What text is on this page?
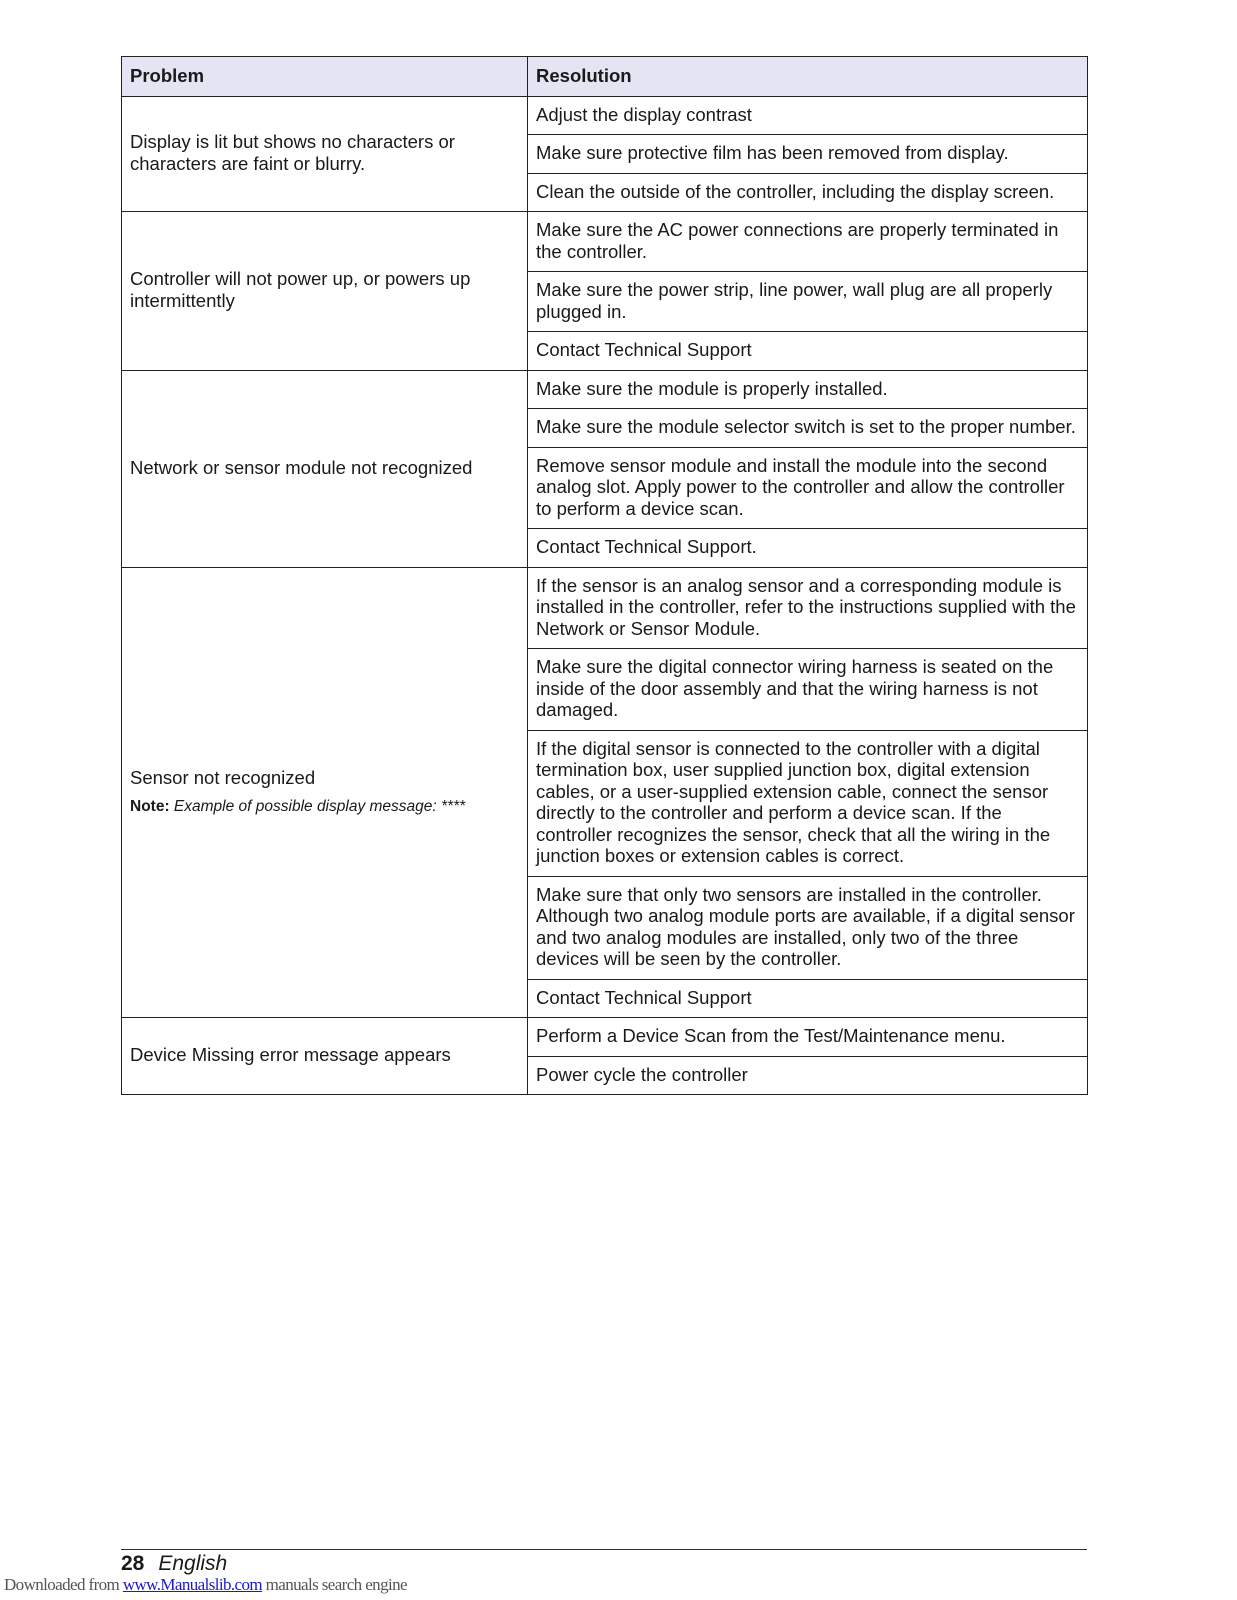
Problem	Resolution
Display is lit but shows no characters or characters are faint or blurry.	Adjust the display contrast
	Make sure protective film has been removed from display.
	Clean the outside of the controller, including the display screen.
Controller will not power up, or powers up intermittently	Make sure the AC power connections are properly terminated in the controller.
	Make sure the power strip, line power, wall plug are all properly plugged in.
	Contact Technical Support
Network or sensor module not recognized	Make sure the module is properly installed.
	Make sure the module selector switch is set to the proper number.
	Remove sensor module and install the module into the second analog slot. Apply power to the controller and allow the controller to perform a device scan.
	Contact Technical Support.

Sensor not recognized
Note: Example of possible display message: ****	If the sensor is an analog sensor and a corresponding module is installed in the controller, refer to the instructions supplied with the Network or Sensor Module.
	Make sure the digital connector wiring harness is seated on the inside of the door assembly and that the wiring harness is not damaged.
	If the digital sensor is connected to the controller with a digital termination box, user supplied junction box, digital extension cables, or a user-supplied extension cable, connect the sensor directly to the controller and perform a device scan. If the controller recognizes the sensor, check that all the wiring in the junction boxes or extension cables is correct.
	Make sure that only two sensors are installed in the controller. Although two analog module ports are available, if a digital sensor and two analog modules are installed, only two of the three devices will be seen by the controller.
	Contact Technical Support
Device Missing error message appears	Perform a Device Scan from the Test/Maintenance menu.
	Power cycle the controller
28 English
Downloaded from www.Manualslib.com manuals search engine
